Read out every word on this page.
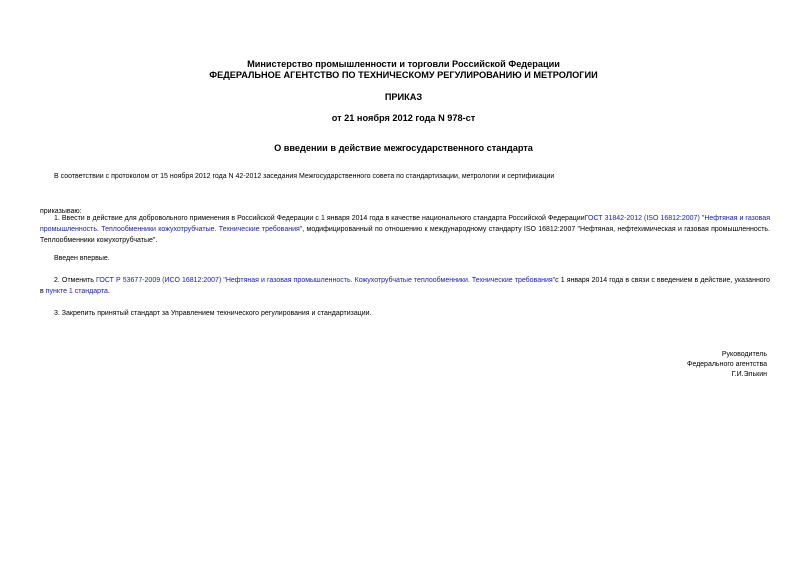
Министерство промышленности и торговли Российской Федерации
ФЕДЕРАЛЬНОЕ АГЕНТСТВО ПО ТЕХНИЧЕСКОМУ РЕГУЛИРОВАНИЮ И МЕТРОЛОГИИ
ПРИКАЗ
от 21 ноября 2012 года N 978-ст
О введении в действие межгосударственного стандарта
В соответствии с протоколом от 15 ноября 2012 года N 42-2012 заседания Межгосударственного совета по стандартизации, метрологии и сертификации
приказываю:
1. Ввести в действие для добровольного применения в Российской Федерации с 1 января 2014 года в качестве национального стандарта Российской ФедерацииГОСТ 31842-2012 (ISO 16812:2007) "Нефтяная и газовая промышленность. Теплообменники кожухотрубчатые. Технические требования", модифицированный по отношению к международному стандарту ISO 16812:2007 "Нефтяная, нефтехимическая и газовая промышленность. Теплообменники кожухотрубчатые".
Введен впервые.
2. Отменить ГОСТ Р 53677-2009 (ИСО 16812:2007) "Нефтяная и газовая промышленность. Кожухотрубчатые теплообменники. Технические требования"с 1 января 2014 года в связи с введением в действие, указанного в пункте 1 стандарта.
3. Закрепить принятый стандарт за Управлением технического регулирования и стандартизации.
Руководитель
Федерального агентства
Г.И.Элькин
